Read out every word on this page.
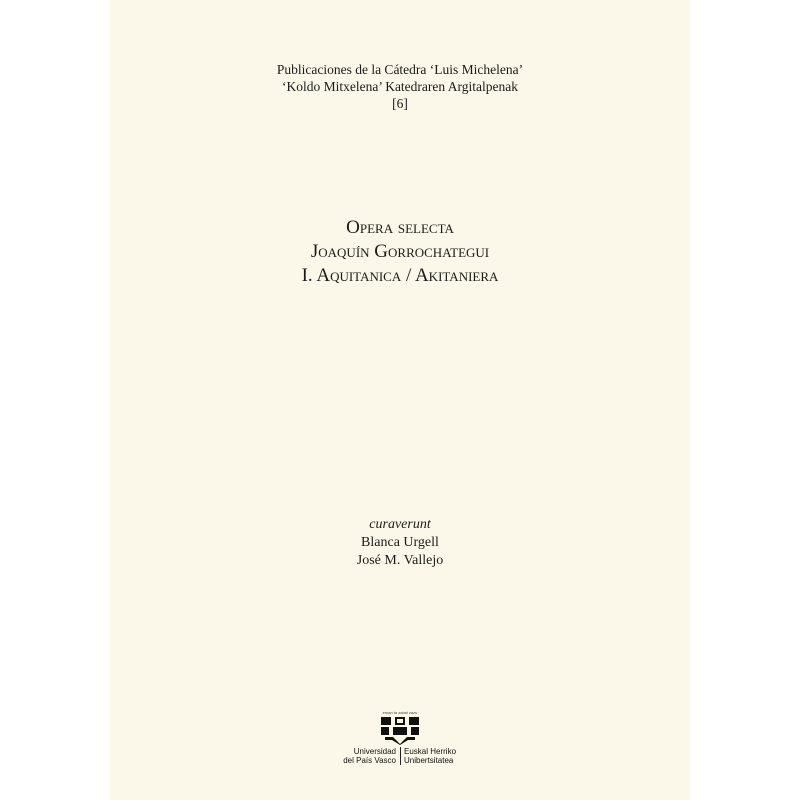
Publicaciones de la Cátedra ‘Luis Michelena’
‘Koldo Mitxelena’ Katedraren Argitalpenak
[6]
Opera selecta
Joaquín Gorrochategui
I. Aquitanica / Akitaniera
curaverunt
Blanca Urgell
José M. Vallejo
eman ta zabal zazu
Universidad
del País Vasco
Euskal Herriko
Unibertsitatea
